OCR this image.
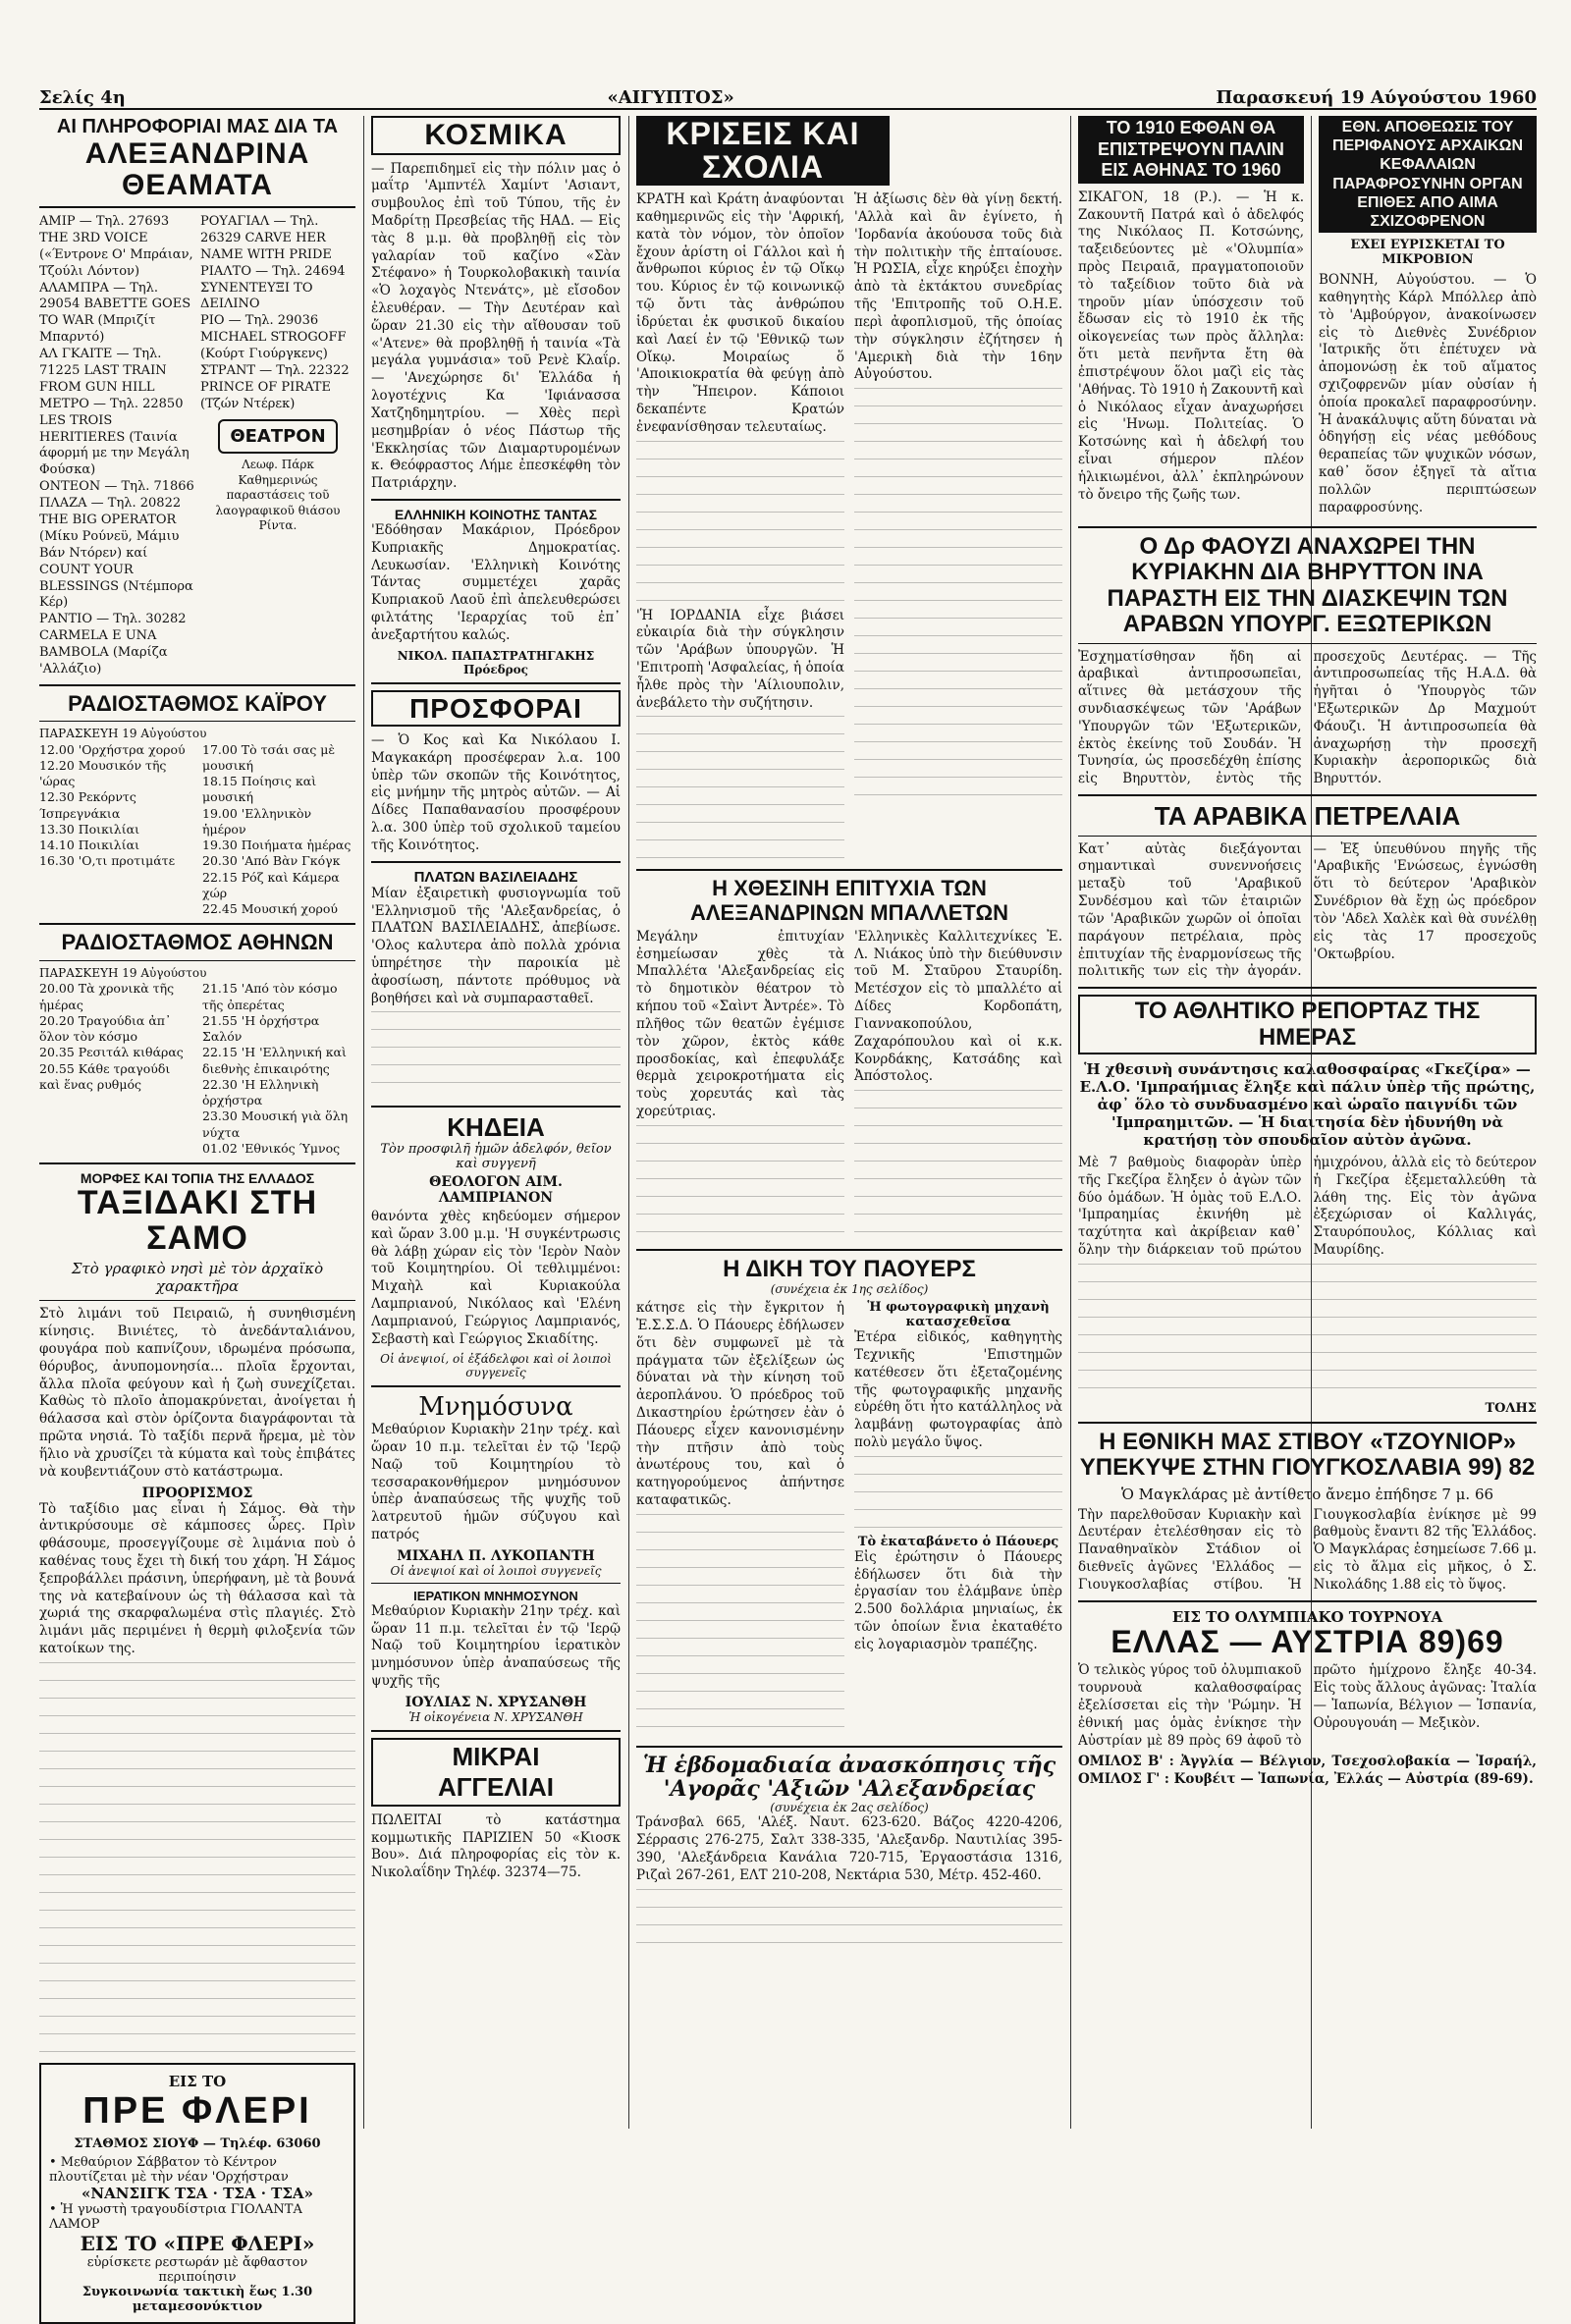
Σελίς 4η	«ΑΙΓΥΠΤΟΣ»	Παρασκευή 19 Αύγούστου 1960
ΑΙ ΠΛΗΡΟΦΟΡΙΑΙ ΜΑΣ ΔΙΑ ΤΑ
ΑΛΕΞΑΝΔΡΙΝΑ ΘΕΑΜΑΤΑ
ΑΜΙΡ — Τηλ. 27693 THE 3RD VOICE («Έντρονε Ο' Μπράιαν, Τζούλι Λόντον)
ΑΛΑΜΠΡΑ — Τηλ. 29054 BABETTE GOES TO WAR (Μπριζίτ Μπαρντό)
ΑΛ ΓΚΑΙΤΕ — Τηλ. 71225 LAST TRAIN FROM GUN HILL
ΜΕΤΡΟ — Τηλ. 22850 LES TROIS HERITIERES (Ταινία άφορμή με την Μεγάλη Φούσκα)
ΟΝΤΕΟΝ — Τηλ. 71866
ΠΛΑΖΑ — Τηλ. 20822 THE BIG OPERATOR (Μίκυ Ρούνεϋ, Μάμιυ Βάν Ντόρεν) καί COUNT YOUR BLESSINGS (Ντέμπορα Κέρ)
ΡΑΝΤΙΟ — Τηλ. 30282 CARMELA E UNA BAMBOLA (Μαρίζα 'Αλλάζιο)
ΡΟΥΑΓΙΑΛ — Τηλ. 26329 CARVE HER NAME WITH PRIDE
ΡΙΑΛΤΟ — Τηλ. 24694 ΣΥΝΕΝΤΕΥΞΙ ΤΟ ΔΕΙΛΙΝΟ
ΡΙΟ — Τηλ. 29036 MICHAEL STROGOFF (Κούρτ Γιούργκενς)
ΣΤΡΑΝΤ — Τηλ. 22322 PRINCE OF PIRATE (Τζών Ντέρεκ)
ΘΕΑΤΡΟΝ
Λεωφ. Πάρκ Καθημερινώς παραστάσεις τοῦ λαογραφικοῦ θιάσου Ρίντα.
ΡΑΔΙΟΣΤΑΘΜΟΣ ΚΑΪΡΟΥ
ΠΑΡΑΣΚΕΥΗ 19 Αὐγούστου
12.00 'Ορχήστρα χορού
12.20 Μουσικόν τῆς 'ώρας
12.30 Ρεκόρντς Ίσπρεγνάκια
13.30 Ποικιλίαι
14.10 Ποικιλίαι
16.30 'Ο,τι προτιμάτε
17.00 Τὸ τσάι σας μὲ μουσική
18.15 Ποίησις καὶ μουσική
19.00 'Ελληνικὸν ἡμέρον
19.30 Ποιήματα ἡμέρας
20.30 'Από Βὰν Γκόγκ
22.15 Ρόζ καὶ Κάμερα χώρ
22.45 Μουσική χορού
ΡΑΔΙΟΣΤΑΘΜΟΣ ΑΘΗΝΩΝ
ΠΑΡΑΣΚΕΥΗ 19 Αὐγούστου
20.00 Τὰ χρονικὰ τῆς ἡμέρας
20.20 Τραγούδια ἀπ᾽ ὅλον τὸν κόσμο
20.35 Ρεσιτάλ κιθάρας
20.55 Κάθε τραγούδι καὶ ἕνας ρυθμός
21.15 'Από τὸν κόσμο τῆς ὀπερέτας
21.55 'Η ὀρχήστρα Σαλόν
22.15 'Η 'Ελληνική καὶ διεθνὴς ἐπικαιρότης
22.30 'Η Ελληνικὴ ὀρχήστρα
23.30 Μουσική γιὰ ὅλη νύχτα
01.02 'Εθνικός Ύμνος
ΜΟΡΦΕΣ ΚΑΙ ΤΟΠΙΑ ΤΗΣ ΕΛΛΑΔΟΣ
ΤΑΞΙΔΑΚΙ ΣΤΗ ΣΑΜΟ
Στὸ γραφικὸ νησὶ μὲ τὸν ἀρχαϊκὸ χαρακτῆρα

Στὸ λιμάνι τοῦ Πειραιῶ, ἡ συνηθισμένη κίνησις. Βινιέτες, τὸ ἀνεδάνταλιάνου, φουγάρα ποὺ καπνίζουν, ιδρωμένα πρόσωπα, θόρυβος, ἀνυπομονησία... πλοῖα ἔρχονται, ἄλλα πλοῖα φεύγουν καὶ ἡ ζωὴ συνεχίζεται. Καθὼς τὸ πλοῖο ἀπομακρύνεται, ἀνοίγεται ἡ θάλασσα καὶ στὸν ὁρίζοντα διαγράφονται τὰ πρῶτα νησιά. Τὸ ταξίδι περνᾶ ἤρεμα, μὲ τὸν ἥλιο νὰ χρυσίζει τὰ κύματα καὶ τοὺς ἐπιβάτες νὰ κουβεντιάζουν στὸ κατάστρωμα.

ΠΡΟΟΡΙΣΜΟΣ

Τὸ ταξίδιο μας εἶναι ἡ Σάμος. Θὰ τὴν ἀντικρύσουμε σὲ κάμποσες ὧρες. Πρὶν φθάσουμε, προσεγγίζουμε σὲ λιμάνια ποὺ ὁ καθένας τους ἔχει τὴ δική του χάρη. Ἡ Σάμος ξεπροβάλλει πράσινη, ὑπερήφανη, μὲ τὰ βουνά της νὰ κατεβαίνουν ὡς τὴ θάλασσα καὶ τὰ χωριά της σκαρφαλωμένα στὶς πλαγιές. Στὸ λιμάνι μᾶς περιμένει ἡ θερμὴ φιλοξενία τῶν κατοίκων της.

ΕΙΣ ΤΟ
ΠΡΕ ΦΛΕΡΙ
ΣΤΑΘΜΟΣ ΣΙΟΥΦ — Τηλέφ. 63060
• Μεθαύριον Σάββατον τὸ Κέντρον πλουτίζεται μὲ τὴν νέαν 'Ορχήστραν
«ΝΑΝΣΙΓΚ ΤΣΑ · ΤΣΑ · ΤΣΑ»
• Ἡ γνωστὴ τραγουδίστρια ΓΙΟΛΑΝΤΑ ΛΑΜΟΡ
ΕΙΣ ΤΟ «ΠΡΕ ΦΛΕΡΙ»
εὑρίσκετε ρεστωράν μὲ ἄφθαστον περιποίησιν
Συγκοινωνία τακτικὴ ἕως 1.30 μεταμεσονύκτιον
ΚΟΣΜΙΚΑ

— Παρεπιδημεῖ εἰς τὴν πόλιν μας ὁ μαΐτρ 'Αμπντέλ Χαμίντ 'Ασιαντ, συμβουλος ἐπὶ τοῦ Τύπου, τῆς ἐν Μαδρίτῃ Πρεσβείας τῆς ΗΑΔ. — Εἰς τὰς 8 μ.μ. θὰ προβληθῇ εἰς τὸν γαλαρίαν τοῦ καζίνο «Σὰν Στέφανο» ἡ Τουρκολοβακικὴ ταινία «Ὁ λοχαγὸς Ντενάτς», μὲ εἴσοδον ἐλευθέραν. — Τὴν Δευτέραν καὶ ὥραν 21.30 εἰς τὴν αἴθουσαν τοῦ «'Ατενε» θὰ προβληθῇ ἡ ταινία «Τὰ μεγάλα γυμνάσια» τοῦ Ρενὲ Κλαΐρ. — 'Ανεχώρησε δι' Ἑλλάδα ἡ λογοτέχνις Κα 'Ιφιάνασσα Χατζηδημητρίου. — Χθὲς περὶ μεσημβρίαν ὁ νέος Πάστωρ τῆς 'Εκκλησίας τῶν Διαμαρτυρομένων κ. Θεόφραστος Λήμε ἐπεσκέφθη τὸν Πατριάρχην.

ΕΛΛΗΝΙΚΗ ΚΟΙΝΟΤΗΣ ΤΑΝΤΑΣ

'Εδόθησαν Μακάριον, Πρόεδρον Κυπριακῆς Δημοκρατίας. Λευκωσίαν. 'Ελληνικὴ Κοινότης Τάντας συμμετέχει χαρᾶς Κυπριακοῦ Λαοῦ ἐπὶ ἀπελευθερώσει φιλτάτης 'Ιεραρχίας τοῦ ἐπ᾽ ἀνεξαρτήτου καλώς.

ΝΙΚΟΛ. ΠΑΠΑΣΤΡΑΤΗΓΑΚΗΣ Πρόεδρος
ΠΡΟΣΦΟΡΑΙ

— Ὁ Κος καὶ Κα Νικόλαου Ι. Μαγκακάρη προσέφεραν λ.α. 100 ὑπὲρ τῶν σκοπῶν τῆς Κοινότητος, εἰς μνήμην τῆς μητρὸς αὐτῶν. — Αἱ Δίδες Παπαθανασίου προσφέρουν λ.α. 300 ὑπὲρ τοῦ σχολικοῦ ταμείου τῆς Κοινότητος.

ΠΛΑΤΩΝ ΒΑΣΙΛΕΙΑΔΗΣ

Μίαν ἐξαιρετικὴ φυσιογνωμία τοῦ 'Ελληνισμοῦ τῆς 'Αλεξανδρείας, ὁ ΠΛΑΤΩΝ ΒΑΣΙΛΕΙΑΔΗΣ, ἀπεβίωσε. 'Ολος καλυτερα ἀπὸ πολλὰ χρόνια ὑπηρέτησε τὴν παροικία μὲ ἀφοσίωση, πάντοτε πρόθυμος νὰ βοηθήσει καὶ νὰ συμπαρασταθεῖ.

ΚΗΔΕΙΑ
Τὸν προσφιλῆ ἡμῶν ἀδελφόν, θεῖον καὶ συγγενῆ
ΘΕΟΛΟΓΟΝ ΑΙΜ. ΛΑΜΠΡΙΑΝΟΝ

θανόντα χθὲς κηδεύομεν σήμερον καὶ ὥραν 3.00 μ.μ. 'Η συγκέντρωσις θὰ λάβῃ χώραν εἰς τὸν 'Ιερὸν Ναὸν τοῦ Κοιμητηρίου. Οἱ τεθλιμμένοι: Μιχαὴλ καὶ Κυριακούλα Λαμπριανού, Νικόλαος καὶ 'Ελένη Λαμπριανού, Γεώργιος Λαμπριανός, Σεβαστὴ καὶ Γεώργιος Σκιαδίτης.

Οἱ ἀνεψιοί, οἱ ἐξάδελφοι καὶ οἱ λοιποὶ συγγενεῖς
Μνημόσυνα

Μεθαύριον Κυριακὴν 21ην τρέχ. καὶ ὥραν 10 π.μ. τελεῖται ἐν τῷ 'Ιερῷ Ναῷ τοῦ Κοιμητηρίου τὸ τεσσαρακονθήμερον μνημόσυνον ὑπὲρ ἀναπαύσεως τῆς ψυχῆς τοῦ λατρευτοῦ ἡμῶν σύζυγου καὶ πατρός

ΜΙΧΑΗΛ Π. ΛΥΚΟΠΑΝΤΗ
Οἱ ἀνεψιοί καὶ οἱ λοιποὶ συγγενεῖς
ΙΕΡΑΤΙΚΟΝ ΜΝΗΜΟΣΥΝΟΝ

Μεθαύριον Κυριακὴν 21ην τρέχ. καὶ ὥραν 11 π.μ. τελεῖται ἐν τῷ 'Ιερῷ Ναῷ τοῦ Κοιμητηρίου ἱερατικὸν μνημόσυνον ὑπὲρ ἀναπαύσεως τῆς ψυχῆς τῆς

ΙΟΥΛΙΑΣ Ν. ΧΡΥΣΑΝΘΗ
Ἡ οἰκογένεια Ν. ΧΡΥΣΑΝΘΗ
ΜΙΚΡΑΙ
ΑΓΓΕΛΙΑΙ

ΠΩΛΕΙΤΑΙ τὸ κατάστημα κομμωτικῆς ΠΑΡΙΖΙΕΝ 50 «Κιοσκ Βου». Διά πληροφορίας εἰς τὸν κ. Νικολαΐδην Τηλέφ. 32374—75.

ΚΡΙΣΕΙΣ ΚΑΙ ΣΧΟΛΙΑ

ΚΡΑΤΗ καὶ Κράτη ἀναφύονται καθημερινῶς εἰς τὴν 'Αφρική, κατὰ τὸν νόμον, τὸν ὁποῖον ἔχουν ἀρίστη οἱ Γάλλοι καὶ ἡ ἄνθρωποι κύριος ἐν τῷ Οἴκῳ του. Κύριος ἐν τῷ κοινωνικῷ τῷ ὄντι τὰς ἀνθρώπου ἱδρύεται ἐκ φυσικοῦ δικαίου καὶ Λαεί ἐν τῷ 'Εθνικῷ των Οἴκῳ. Μοιραίως ὅ 'Αποικιοκρατία θὰ φεύγῃ ἀπὸ τὴν Ἤπειρον. Κάποιοι δεκαπέντε Κρατών ἐνεφανίσθησαν τελευταίως.

'Ἡ ΙΟΡΔΑΝΙΑ εἶχε βιάσει εὐκαιρία διὰ τὴν σύγκλησιν τῶν 'Αράβων ὑπουργῶν. Ἡ 'Επιτροπὴ 'Ασφαλείας, ἡ ὁποία ἦλθε πρὸς τὴν 'Αίλιουπολιν, ἀνεβάλετο τὴν συζήτησιν.

Ἡ ἀξίωσις δὲν θὰ γίνῃ δεκτή. 'Αλλὰ καὶ ἂν ἐγίνετο, ἡ 'Ιορδανία ἀκούουσα τοῦς διὰ τὴν πολιτικὴν τῆς ἐπταίουσε. Ἡ ΡΩΣΙΑ, εἶχε κηρύξει ἐποχὴν ἀπὸ τὰ ἐκτάκτου συνεδρίας τῆς 'Επιτροπῆς τοῦ Ο.Η.Ε. περὶ ἀφοπλισμοῦ, τῆς ὁποίας τὴν σύγκλησιν ἐζήτησεν ἡ 'Αμερικὴ διὰ τὴν 16ην Αὐγούστου.

Η ΧΘΕΣΙΝΗ ΕΠΙΤΥΧΙΑ ΤΩΝ ΑΛΕΞΑΝΔΡΙΝΩΝ ΜΠΑΛΛΕΤΩΝ

Μεγάλην ἐπιτυχίαν ἐσημείωσαν χθὲς τὰ Μπαλλέτα 'Αλεξανδρείας εἰς τὸ δημοτικὸν θέατρον τὸ κήπου τοῦ «Σαὶντ Ἀντρέε». Τὸ πλῆθος τῶν θεατῶν ἐγέμισε τὸν χῶρον, ἐκτὸς κάθε προσδοκίας, καὶ ἐπεφυλάξε θερμὰ χειροκροτήματα εἰς τοὺς χορευτάς καὶ τὰς χορεύτριας.

'Ελληνικὲς Καλλιτεχνίκες Ἐ. Λ. Νιάκος ὑπὸ τὴν διεύθυνσιν τοῦ Μ. Σταῦρου Σταυρίδη. Μετέσχον εἰς τὸ μπαλλέτο αἱ Δίδες Κορδοπάτη, Γιαννακοπούλου, Ζαχαρόπουλου καὶ οἱ κ.κ. Κονρδάκης, Κατσάδης καὶ Ἀπόστολος.

Η ΔΙΚΗ ΤΟΥ ΠΑΟΥΕΡΣ
(συνέχεια ἐκ 1ης σελίδος)

κάτησε εἰς τὴν ἔγκριτον ἡ Ἐ.Σ.Σ.Δ. Ὁ Πάουερς ἐδήλωσεν ὅτι δὲν συμφωνεῖ μὲ τὰ πράγματα τῶν ἐξελίξεων ὡς δύναται νὰ τὴν κίνηση τοῦ ἀεροπλάνου. Ὁ πρόεδρος τοῦ Δικαστηρίου ἐρώτησεν ἐὰν ὁ Πάουερς εἶχεν κανονισμένην τὴν πτῆσιν ἀπὸ τοὺς ἀνωτέρους του, καὶ ὁ κατηγορούμενος ἀπήντησε καταφατικῶς.

Ἡ φωτογραφικὴ μηχανὴ κατασχεθεῖσα

Ἐτέρα εἰδικός, καθηγητὴς Τεχνικῆς 'Επιστημῶν κατέθεσεν ὅτι ἐξεταζομένης τῆς φωτογραφικῆς μηχανῆς εὑρέθη ὅτι ἦτο κατάλληλος νὰ λαμβάνῃ φωτογραφίας ἀπὸ πολὺ μεγάλο ὕψος.

Τὸ ἐκαταβάνετο ὁ Πάουερς

Εἰς ἐρώτησιν ὁ Πάουερς ἐδήλωσεν ὅτι διὰ τὴν ἐργασίαν του ἐλάμβανε ὑπὲρ 2.500 δολλάρια μηνιαίως, ἐκ τῶν ὁποίων ἔνια ἐκαταθέτο εἰς λογαριασμὸν τραπέζης.

Ἡ ἑβδομαδιαία ἀνασκόπησις τῆς 'Αγορᾶς 'Αξιῶν 'Αλεξανδρείας
(συνέχεια ἐκ 2ας σελίδος)

Τράνσβαλ 665, 'Αλέξ. Ναυτ. 623-620. Βάζος 4220-4206, Σέρρασις 276-275, Σαλτ 338-335, 'Αλεξανδρ. Ναυτιλίας 395-390, 'Αλεξάνδρεια Κανάλια 720-715, Ἐργαοστάσια 1316, Ριζαὶ 267-261, ΕΛΤ 210-208, Νεκτάρια 530, Μέτρ. 452-460.

ΤΟ 1910 ΕΦΘΑΝ ΘΑ ΕΠΙΣΤΡΕΨΟΥΝ ΠΑΛΙΝ ΕΙΣ ΑΘΗΝΑΣ ΤΟ 1960

ΣΙΚΑΓΟΝ, 18 (Ρ.). — Ἡ κ. Ζακουντῆ Πατρά καὶ ὁ ἀδελφός της Νικόλαος Π. Κοτσώνης, ταξειδεύοντες μὲ «'Ολυμπία» πρὸς Πειραιᾶ, πραγματοποιοῦν τὸ ταξείδιον τοῦτο διὰ νὰ τηροῦν μίαν ὑπόσχεσιν τοῦ ἔδωσαν εἰς τὸ 1910 ἐκ τῆς οἰκογενείας των πρὸς ἄλληλα: ὅτι μετὰ πενῆντα ἔτη θὰ ἐπιστρέψουν ὅλοι μαζὶ εἰς τὰς 'Αθήνας. Τὸ 1910 ἡ Ζακουντῆ καὶ ὁ Νικόλαος εἶχαν ἀναχωρήσει εἰς 'Ηνωμ. Πολιτείας. Ὁ Κοτσώνης καὶ ἡ ἀδελφή του εἶναι σήμερον πλέον ἡλικιωμένοι, ἀλλ᾽ ἐκπληρώνουν τὸ ὄνειρο τῆς ζωῆς των.

Ο Δρ ΦΑΟΥΖΙ ΑΝΑΧΩΡΕΙ ΤΗΝ ΚΥΡΙΑΚΗΝ ΔΙΑ ΒΗΡΥΤΤΟΝ ΙΝΑ ΠΑΡΑΣΤΗ ΕΙΣ ΤΗΝ ΔΙΑΣΚΕΨΙΝ ΤΩΝ ΑΡΑΒΩΝ ΥΠΟΥΡΓ. ΕΞΩΤΕΡΙΚΩΝ

Ἐσχηματίσθησαν ἤδη αἱ ἀραβικαὶ ἀντιπροσωπεῖαι, αἵτινες θὰ μετάσχουν τῆς συνδιασκέψεως τῶν 'Αράβων 'Υπουργῶν τῶν 'Εξωτερικῶν, ἐκτὸς ἐκείνης τοῦ Σουδάν. Ἡ Τυνησία, ὡς προσεδέχθη ἐπίσης εἰς Βηρυττὸν, ἐντὸς τῆς προσεχοῦς Δευτέρας. — Τῆς ἀντιπροσωπείας τῆς Η.Α.Δ. θὰ ἡγῆται ὁ 'Υπουργὸς τῶν 'Εξωτερικῶν Δρ Μαχμούτ Φάουζι. Ἡ ἀντιπροσωπεία θὰ ἀναχωρήσῃ τὴν προσεχῆ Κυριακὴν ἀεροπορικῶς διὰ Βηρυττόν.

ΤΑ ΑΡΑΒΙΚΑ ΠΕΤΡΕΛΑΙΑ

Κατ᾽ αὐτὰς διεξάγονται σημαντικαὶ συνεννοήσεις μεταξὺ τοῦ 'Αραβικοῦ Συνδέσμου καὶ τῶν ἑταιριῶν τῶν 'Αραβικῶν χωρῶν οἱ ὁποῖαι παράγουν πετρέλαια, πρὸς ἐπιτυχίαν τῆς ἐναρμονίσεως τῆς πολιτικῆς των εἰς τὴν ἀγοράν. — Ἐξ ὑπευθύνου πηγῆς τῆς 'Αραβικῆς 'Ενώσεως, ἐγνώσθη ὅτι τὸ δεύτερον 'Αραβικὸν Συνέδριον θὰ ἔχῃ ὡς πρόεδρον τὸν 'Αδελ Χαλὲκ καὶ θὰ συνέλθῃ εἰς τὰς 17 προσεχοῦς 'Οκτωβρίου.

ΤΟ ΑΘΛΗΤΙΚΟ ΡΕΠΟΡΤΑΖ ΤΗΣ ΗΜΕΡΑΣ
Ἡ χθεσινὴ συνάντησις καλαθοσφαίρας «Γκεζίρα» — Ε.Λ.Ο. 'Ιμπραήμιας ἔληξε καὶ πάλιν ὑπὲρ τῆς πρώτης, ἀφ᾽ ὅλο τὸ συνδυασμένο καὶ ὡραῖο παιγνίδι τῶν 'Ιμπραημιτῶν. — Ἡ διαιτησία δὲν ἠδυνήθη νὰ κρατήσῃ τὸν σπουδαῖον αὐτὸν ἀγῶνα.

Μὲ 7 βαθμοὺς διαφορὰν ὑπὲρ τῆς Γκεζίρα ἔληξεν ὁ ἀγὼν τῶν δύο ὁμάδων. Ἡ ὁμὰς τοῦ Ε.Λ.Ο. 'Ιμπραημίας ἐκινήθη μὲ ταχύτητα καὶ ἀκρίβειαν καθ᾽ ὅλην τὴν διάρκειαν τοῦ πρώτου ἡμιχρόνου, ἀλλὰ εἰς τὸ δεύτερον ἡ Γκεζίρα ἐξεμεταλλεύθη τὰ λάθη της. Εἰς τὸν ἀγῶνα ἐξεχώρισαν οἱ Καλλιγάς, Σταυρόπουλος, Κόλλιας καὶ Μαυρίδης.

ΤΟΛΗΣ
Η ΕΘΝΙΚΗ ΜΑΣ ΣΤΙΒΟΥ «ΤΖΟΥΝΙΟΡ» ΥΠΕΚΥΨΕ ΣΤΗΝ ΓΙΟΥΓΚΟΣΛΑΒΙΑ 99) 82
Ὁ Μαγκλάρας μὲ ἀντίθετο ἄνεμο ἐπήδησε 7 μ. 66

Τὴν παρελθοῦσαν Κυριακὴν καὶ Δευτέραν ἐτελέσθησαν εἰς τὸ Παναθηναϊκὸν Στάδιον οἱ διεθνεῖς ἀγῶνες 'Ελλάδος — Γιουγκοσλαβίας στίβου. Ἡ Γιουγκοσλαβία ἐνίκησε μὲ 99 βαθμοὺς ἔναντι 82 τῆς Ἑλλάδος. Ὁ Μαγκλάρας ἐσημείωσε 7.66 μ. εἰς τὸ ἅλμα εἰς μῆκος, ὁ Σ. Νικολάδης 1.88 εἰς τὸ ὕψος.

ΕΙΣ ΤΟ ΟΛΥΜΠΙΑΚΟ ΤΟΥΡΝΟΥΑ
ΕΛΛΑΣ — ΑΥΣΤΡΙΑ 89)69

Ὁ τελικὸς γύρος τοῦ ὀλυμπιακοῦ τουρνουὰ καλαθοσφαίρας ἐξελίσσεται εἰς τὴν 'Ρώμην. Ἡ ἐθνική μας ὁμὰς ἐνίκησε τὴν Αὐστρίαν μὲ 89 πρὸς 69 ἀφοῦ τὸ πρῶτο ἡμίχρονο ἔληξε 40-34. Εἰς τοὺς ἄλλους ἀγῶνας: Ἰταλία — Ἰαπωνία, Βέλγιον — Ἰσπανία, Οὐρουγουάη — Μεξικὸν.

ΟΜΙΛΟΣ Β' : Ἀγγλία — Βέλγιον, Τσεχοσλοβακία — Ἰσραήλ, ΟΜΙΛΟΣ Γ' : Κουβέιτ — Ἰαπωνία, Ἐλλάς — Αὐστρία (89-69).

ΕΘΝ. ΑΠΟΘΕΩΣΙΣ ΤΟΥ ΠΕΡΙΦΑΝΟΥΣ ΑΡΧΑΙΚΩΝ ΚΕΦΑΛΑΙΩΝ ΠΑΡΑΦΡΟΣΥΝΗΝ ΟΡΓΑΝ ΕΠΙΘΕΣ ΑΠΟ ΑΙΜΑ ΣΧΙΖΟΦΡΕΝΟΝ
ΕΧΕΙ ΕΥΡΙΣΚΕΤΑΙ ΤΟ ΜΙΚΡΟΒΙΟΝ

ΒΟΝΝΗ, Αὐγούστου. — Ὁ καθηγητὴς Κάρλ Μπόλλερ ἀπὸ τὸ 'Αμβούργον, ἀνακοίνωσεν εἰς τὸ Διεθνὲς Συνέδριον 'Ιατρικῆς ὅτι ἐπέτυχεν νὰ ἀπομονώσῃ ἐκ τοῦ αἵματος σχιζοφρενῶν μίαν οὐσίαν ἡ ὁποία προκαλεῖ παραφροσύνην. Ἡ ἀνακάλυψις αὕτη δύναται νὰ ὁδηγήσῃ εἰς νέας μεθόδους θεραπείας τῶν ψυχικῶν νόσων, καθ᾽ ὅσον ἐξηγεῖ τὰ αἴτια πολλῶν περιπτώσεων παραφροσύνης.
